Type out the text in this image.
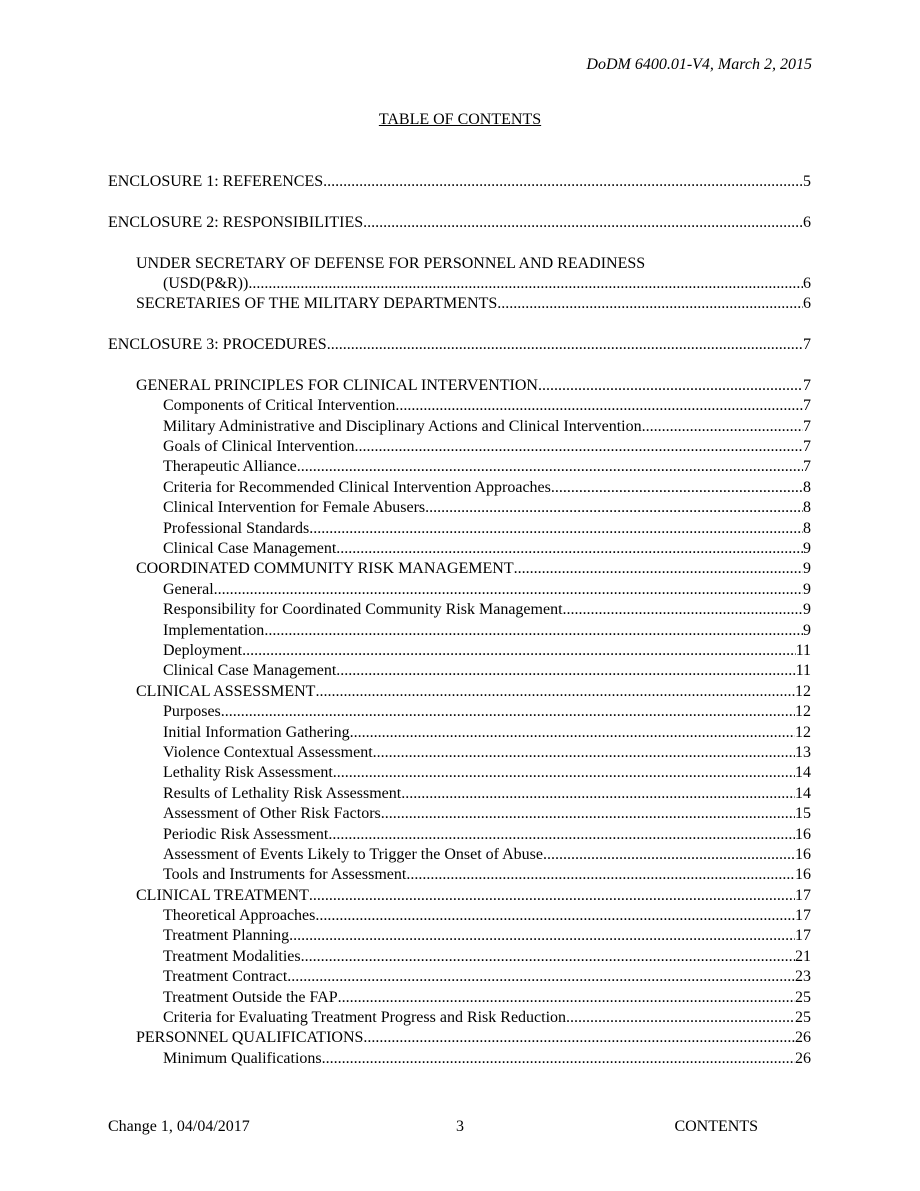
DoDM 6400.01-V4, March 2, 2015
TABLE OF CONTENTS
ENCLOSURE 1: REFERENCES .....	5
ENCLOSURE 2: RESPONSIBILITIES .....	6
UNDER SECRETARY OF DEFENSE FOR PERSONNEL AND READINESS
(USD(P&R)) .....	6
SECRETARIES OF THE MILITARY DEPARTMENTS .....	6
ENCLOSURE 3: PROCEDURES .....	7
GENERAL PRINCIPLES FOR CLINICAL INTERVENTION .....	7
Components of Critical Intervention .....	7
Military Administrative and Disciplinary Actions and Clinical Intervention .....	7
Goals of Clinical Intervention .....	7
Therapeutic Alliance .....	7
Criteria for Recommended Clinical Intervention Approaches .....	8
Clinical Intervention for Female Abusers .....	8
Professional Standards .....	8
Clinical Case Management .....	9
COORDINATED COMMUNITY RISK MANAGEMENT .....	9
General .....	9
Responsibility for Coordinated Community Risk Management .....	9
Implementation .....	9
Deployment .....	11
Clinical Case Management .....	11
CLINICAL ASSESSMENT .....	12
Purposes .....	12
Initial Information Gathering .....	12
Violence Contextual Assessment .....	13
Lethality Risk Assessment .....	14
Results of Lethality Risk Assessment .....	14
Assessment of Other Risk Factors .....	15
Periodic Risk Assessment .....	16
Assessment of Events Likely to Trigger the Onset of Abuse .....	16
Tools and Instruments for Assessment .....	16
CLINICAL TREATMENT .....	17
Theoretical Approaches .....	17
Treatment Planning .....	17
Treatment Modalities .....	21
Treatment Contract .....	23
Treatment Outside the FAP .....	25
Criteria for Evaluating Treatment Progress and Risk Reduction .....	25
PERSONNEL QUALIFICATIONS .....	26
Minimum Qualifications .....	26
Change 1, 04/04/2017	3	CONTENTS
